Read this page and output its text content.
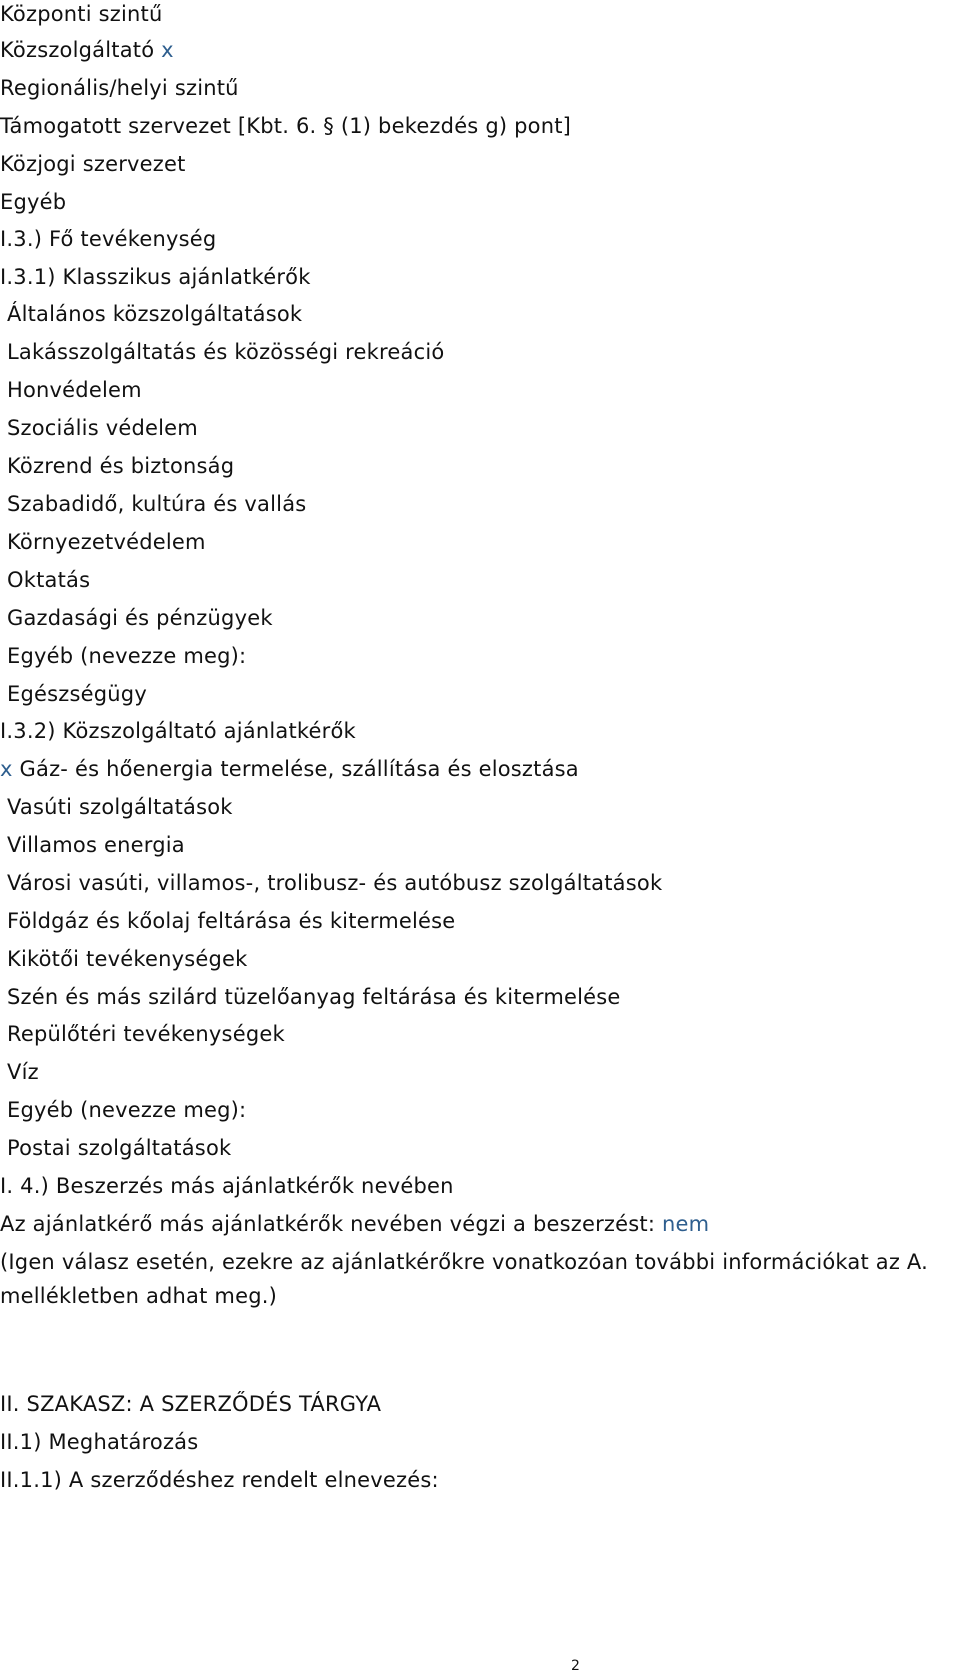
Központi szintű
Közszolgáltató x
Regionális/helyi szintű
Támogatott szervezet [Kbt. 6. § (1) bekezdés g) pont]
Közjogi szervezet
Egyéb
I.3.) Fő tevékenység
I.3.1) Klasszikus ajánlatkérők
Általános közszolgáltatások
Lakásszolgáltatás és közösségi rekreáció
Honvédelem
Szociális védelem
Közrend és biztonság
Szabadidő, kultúra és vallás
Környezetvédelem
Oktatás
Gazdasági és pénzügyek
Egyéb (nevezze meg):
Egészségügy
I.3.2) Közszolgáltató ajánlatkérők
x Gáz- és hőenergia termelése, szállítása és elosztása
Vasúti szolgáltatások
Villamos energia
Városi vasúti, villamos-, trolibusz- és autóbusz szolgáltatások
Földgáz és kőolaj feltárása és kitermelése
Kikötői tevékenységek
Szén és más szilárd tüzelőanyag feltárása és kitermelése
Repülőtéri tevékenységek
Víz
Egyéb (nevezze meg):
Postai szolgáltatások
I. 4.) Beszerzés más ajánlatkérők nevében
Az ajánlatkérő más ajánlatkérők nevében végzi a beszerzést: nem
(Igen válasz esetén, ezekre az ajánlatkérőkre vonatkozóan további információkat az A.
mellékletben adhat meg.)
II. SZAKASZ: A SZERZŐDÉS TÁRGYA
II.1) Meghatározás
II.1.1) A szerződéshez rendelt elnevezés:
2
